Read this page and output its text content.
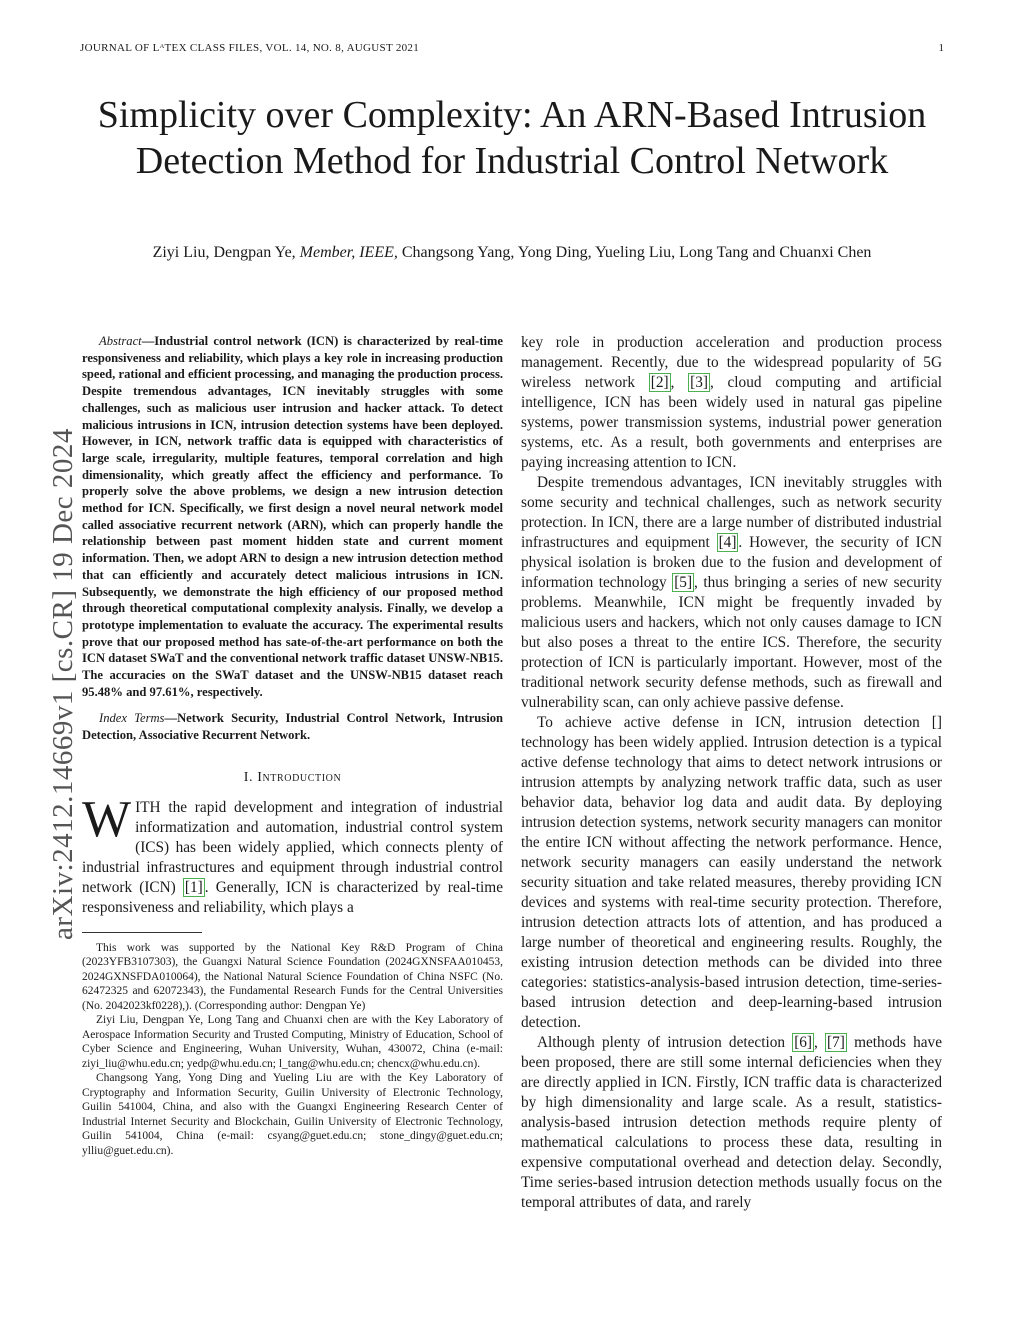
JOURNAL OF LᴬTEX CLASS FILES, VOL. 14, NO. 8, AUGUST 2021	1
Simplicity over Complexity: An ARN-Based Intrusion Detection Method for Industrial Control Network
Ziyi Liu, Dengpan Ye, Member, IEEE, Changsong Yang, Yong Ding, Yueling Liu, Long Tang and Chuanxi Chen
arXiv:2412.14669v1 [cs.CR] 19 Dec 2024

Abstract—Industrial control network (ICN) is characterized by real-time responsiveness and reliability, which plays a key role in increasing production speed, rational and efficient processing, and managing the production process. Despite tremendous advantages, ICN inevitably struggles with some challenges, such as malicious user intrusion and hacker attack. To detect malicious intrusions in ICN, intrusion detection systems have been deployed. However, in ICN, network traffic data is equipped with characteristics of large scale, irregularity, multiple features, temporal correlation and high dimensionality, which greatly affect the efficiency and performance. To properly solve the above problems, we design a new intrusion detection method for ICN. Specifically, we first design a novel neural network model called associative recurrent network (ARN), which can properly handle the relationship between past moment hidden state and current moment information. Then, we adopt ARN to design a new intrusion detection method that can efficiently and accurately detect malicious intrusions in ICN. Subsequently, we demonstrate the high efficiency of our proposed method through theoretical computational complexity analysis. Finally, we develop a prototype implementation to evaluate the accuracy. The experimental results prove that our proposed method has sate-of-the-art performance on both the ICN dataset SWaT and the conventional network traffic dataset UNSW-NB15. The accuracies on the SWaT dataset and the UNSW-NB15 dataset reach 95.48% and 97.61%, respectively.

Index Terms—Network Security, Industrial Control Network, Intrusion Detection, Associative Recurrent Network.

I. Introduction

WITH the rapid development and integration of industrial informatization and automation, industrial control system (ICS) has been widely applied, which connects plenty of industrial infrastructures and equipment through industrial control network (ICN) [1] . Generally, ICN is characterized by real-time responsiveness and reliability, which plays a

This work was supported by the National Key R&D Program of China (2023YFB3107303), the Guangxi Natural Science Foundation (2024GXNSFAA010453, 2024GXNSFDA010064), the National Natural Science Foundation of China NSFC (No. 62472325 and 62072343), the Fundamental Research Funds for the Central Universities (No. 2042023kf0228),). (Corresponding author: Dengpan Ye)

Ziyi Liu, Dengpan Ye, Long Tang and Chuanxi chen are with the Key Laboratory of Aerospace Information Security and Trusted Computing, Ministry of Education, School of Cyber Science and Engineering, Wuhan University, Wuhan, 430072, China (e-mail: ziyi_liu@whu.edu.cn; yedp@whu.edu.cn; l_tang@whu.edu.cn; chencx@whu.edu.cn).

Changsong Yang, Yong Ding and Yueling Liu are with the Key Laboratory of Cryptography and Information Security, Guilin University of Electronic Technology, Guilin 541004, China, and also with the Guangxi Engineering Research Center of Industrial Internet Security and Blockchain, Guilin University of Electronic Technology, Guilin 541004, China (e-mail: csyang@guet.edu.cn; stone_dingy@guet.edu.cn; ylliu@guet.edu.cn).

key role in production acceleration and production process management. Recently, due to the widespread popularity of 5G wireless network [2] , [3] , cloud computing and artificial intelligence, ICN has been widely used in natural gas pipeline systems, power transmission systems, industrial power generation systems, etc. As a result, both governments and enterprises are paying increasing attention to ICN.

Despite tremendous advantages, ICN inevitably struggles with some security and technical challenges, such as network security protection. In ICN, there are a large number of distributed industrial infrastructures and equipment [4] . However, the security of ICN physical isolation is broken due to the fusion and development of information technology [5] , thus bringing a series of new security problems. Meanwhile, ICN might be frequently invaded by malicious users and hackers, which not only causes damage to ICN but also poses a threat to the entire ICS. Therefore, the security protection of ICN is particularly important. However, most of the traditional network security defense methods, such as firewall and vulnerability scan, can only achieve passive defense.

To achieve active defense in ICN, intrusion detection [] technology has been widely applied. Intrusion detection is a typical active defense technology that aims to detect network intrusions or intrusion attempts by analyzing network traffic data, such as user behavior data, behavior log data and audit data. By deploying intrusion detection systems, network security managers can monitor the entire ICN without affecting the network performance. Hence, network security managers can easily understand the network security situation and take related measures, thereby providing ICN devices and systems with real-time security protection. Therefore, intrusion detection attracts lots of attention, and has produced a large number of theoretical and engineering results. Roughly, the existing intrusion detection methods can be divided into three categories: statistics-analysis-based intrusion detection, time-series-based intrusion detection and deep-learning-based intrusion detection.

Although plenty of intrusion detection [6] , [7] methods have been proposed, there are still some internal deficiencies when they are directly applied in ICN. Firstly, ICN traffic data is characterized by high dimensionality and large scale. As a result, statistics-analysis-based intrusion detection methods require plenty of mathematical calculations to process these data, resulting in expensive computational overhead and detection delay. Secondly, Time series-based intrusion detection methods usually focus on the temporal attributes of data, and rarely
